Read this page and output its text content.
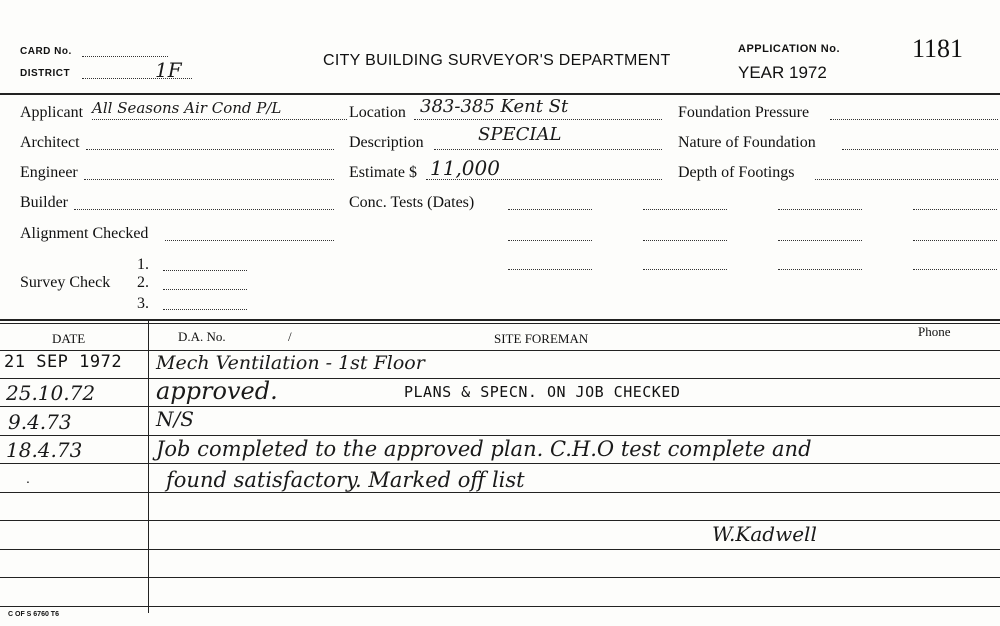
CARD No.
DISTRICT	1F	CITY BUILDING SURVEYOR'S DEPARTMENT
APPLICATION No.	1181
YEAR 1972
Applicant All Seasons Air Cond P/L
Architect
Engineer
Builder
Alignment Checked
Survey Check
1.
2.
3.
Location 383-385 Kent St
Description	SPECIAL
Estimate $ 11,000
Conc. Tests (Dates)
Foundation Pressure
Nature of Foundation
Depth of Footings
DATE	D.A. No.	/	SITE FOREMAN	Phone
21 SEP 1972 Mech Ventilation - 1st Floor
25.10.72	approved.	PLANS & SPECN. ON JOB CHECKED
9.4.73	N/S
18.4.73	Job completed to the approved plan. C.H.O test complete and
.	found satisfactory. Marked off list
W.Kadwell
C OF S 6760 T6
